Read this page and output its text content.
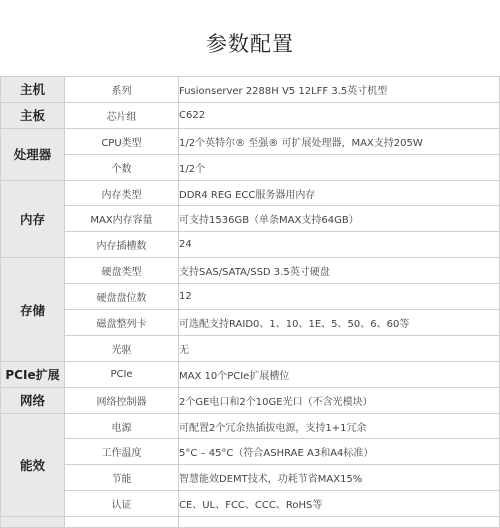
参数配置
主机	系列	Fusionserver 2288H V5 12LFF 3.5英寸机型
主板	芯片组	C622
处理器	CPU类型	1/2个英特尔® 至强® 可扩展处理器，MAX支持205W
	个数	1/2个
内存	内存类型	DDR4 REG ECC服务器用内存
	MAX内存容量	可支持1536GB（单条MAX支持64GB）
	内存插槽数	24
存储	硬盘类型	支持SAS/SATA/SSD 3.5英寸硬盘
	硬盘盘位数	12
	磁盘整列卡	可选配支持RAID0、1、10、1E、5、50、6、60等
	光驱	无
PCIe扩展	PCIe	MAX 10个PCIe扩展槽位
网络	网络控制器	2个GE电口和2个10GE光口（不含光模块）
能效	电源	可配置2个冗余热插拔电源，支持1+1冗余
	工作温度	5°C – 45°C（符合ASHRAE A3和A4标准）
	节能	智慧能效DEMT技术，功耗节省MAX15%
	认证	CE、UL、FCC、CCC、RoHS等
